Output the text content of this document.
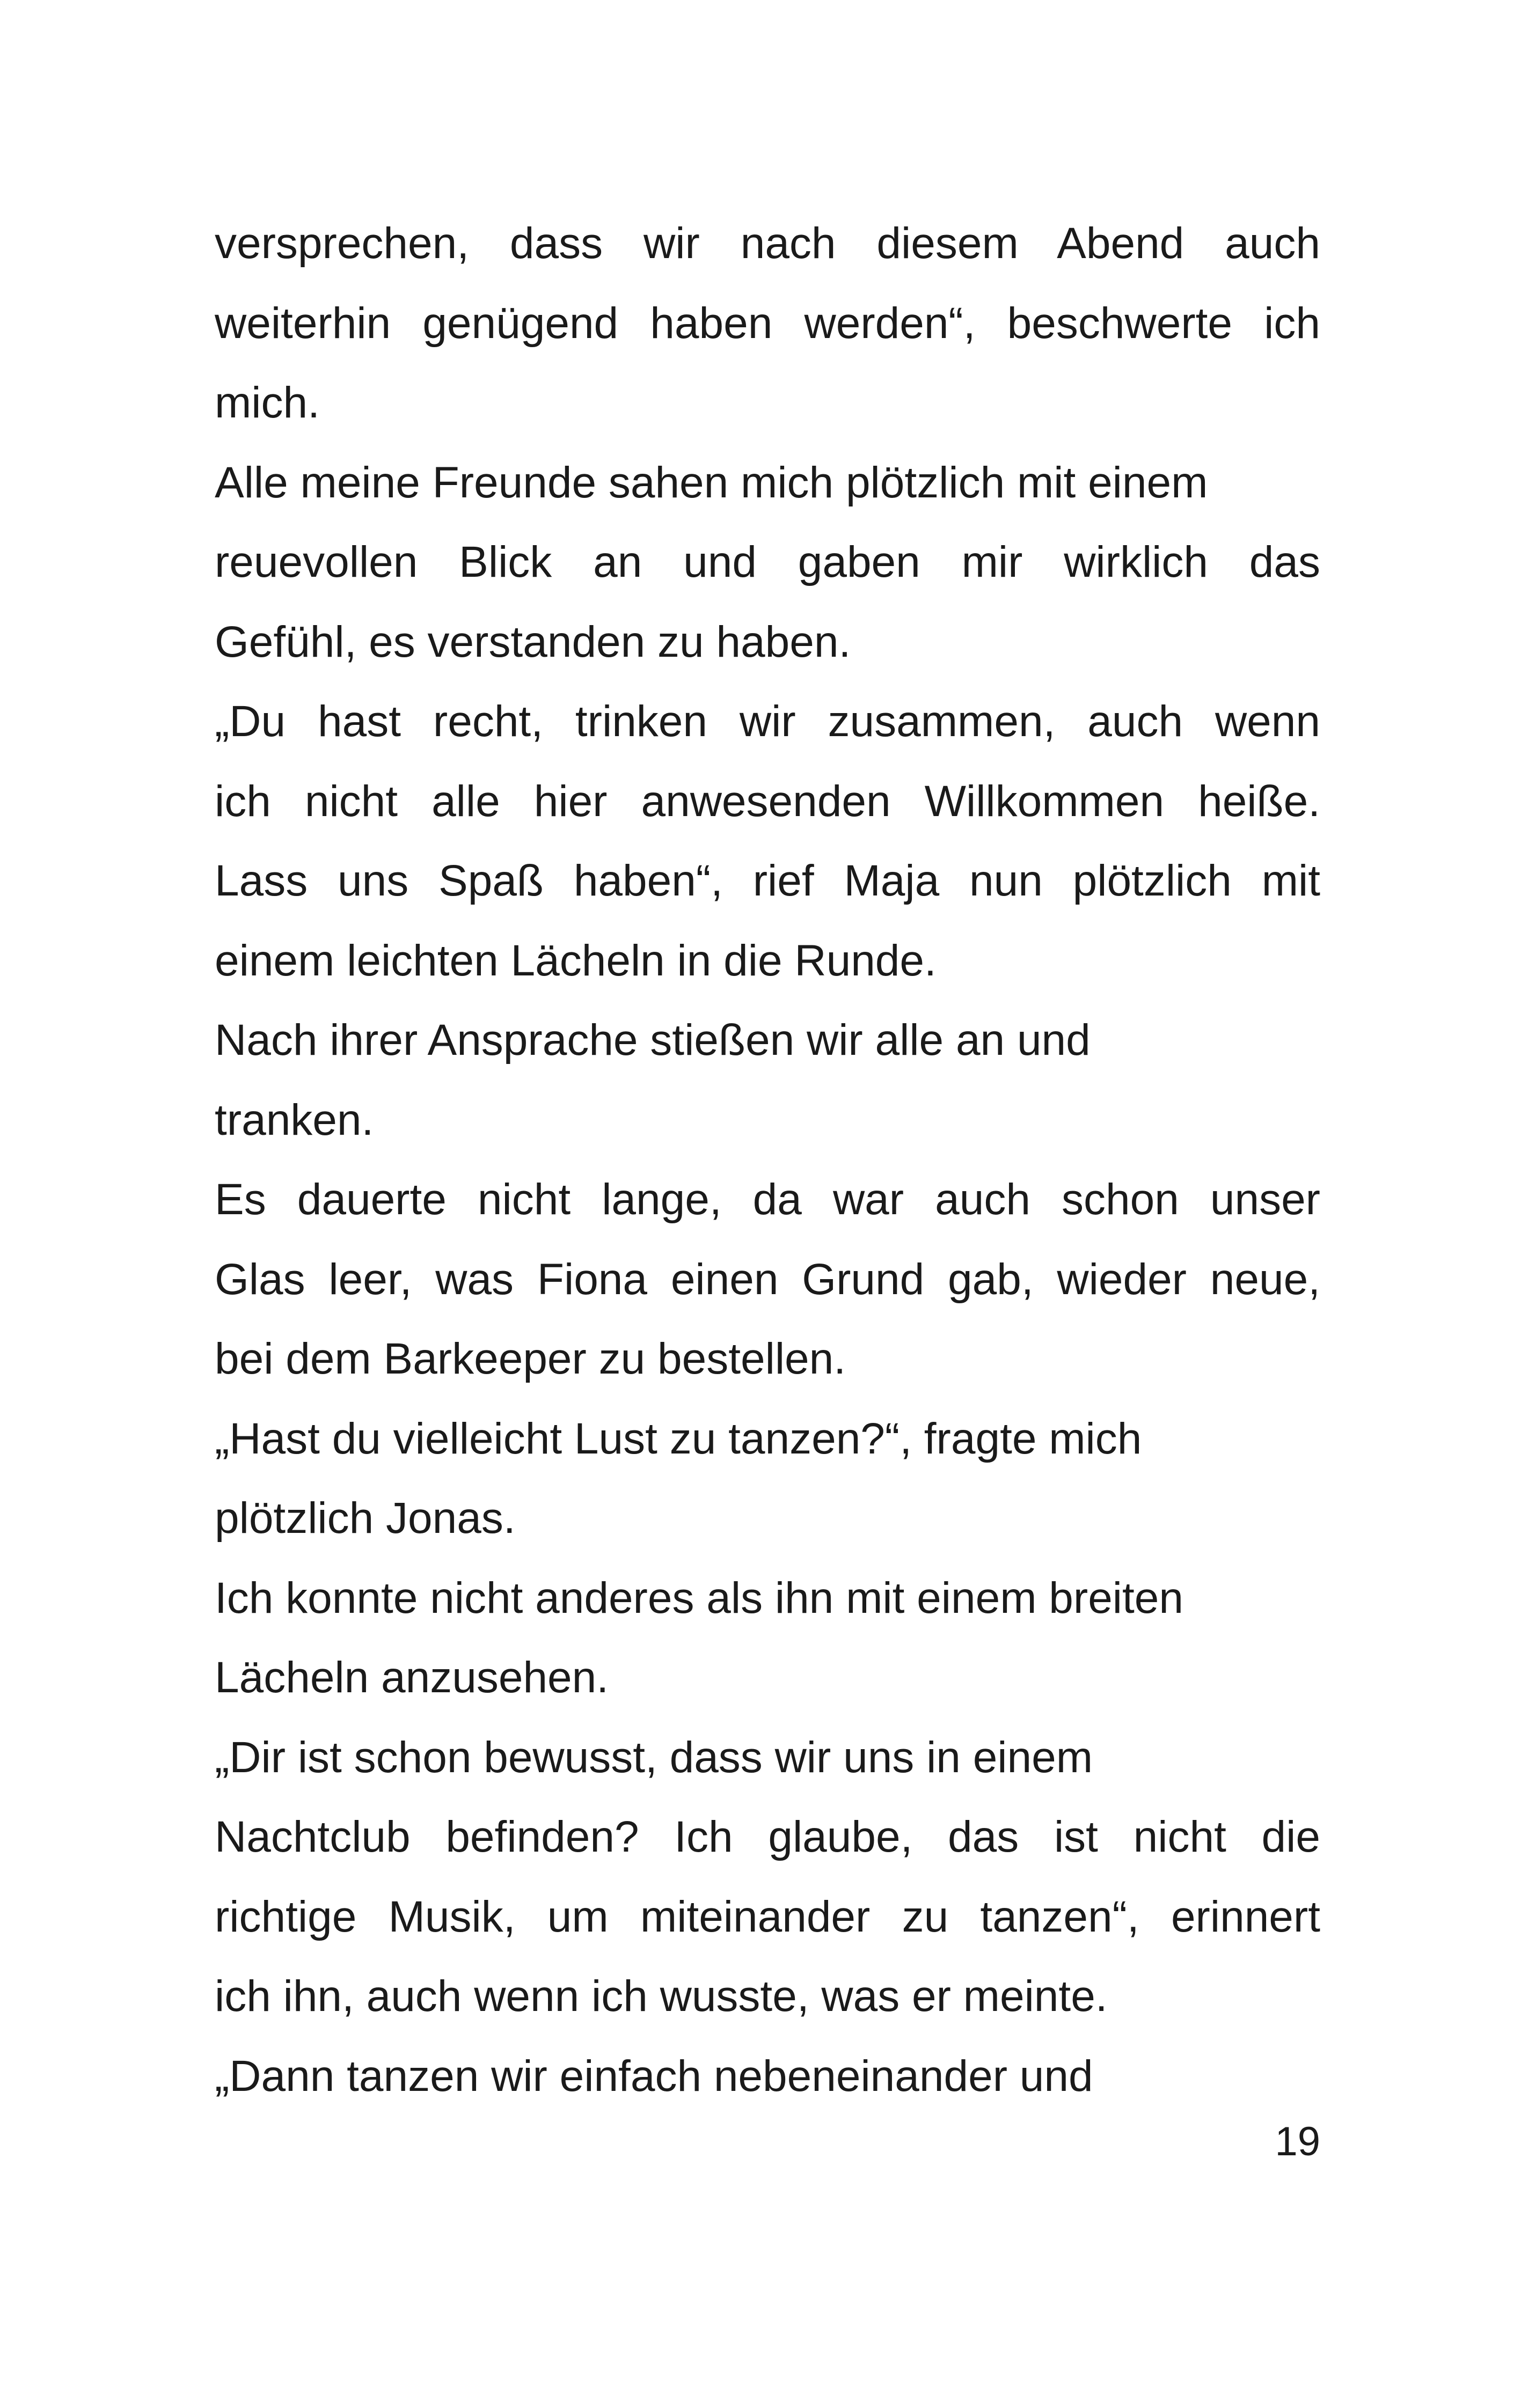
versprechen, dass wir nach diesem Abend auch
weiterhin genügend haben werden“, beschwerte ich
mich.
Alle meine Freunde sahen mich plötzlich mit einem
reuevollen Blick an und gaben mir wirklich das
Gefühl, es verstanden zu haben.
„Du hast recht, trinken wir zusammen, auch wenn
ich nicht alle hier anwesenden Willkommen heiße.
Lass uns Spaß haben“, rief Maja nun plötzlich mit
einem leichten Lächeln in die Runde.
Nach ihrer Ansprache stießen wir alle an und
tranken.
Es dauerte nicht lange, da war auch schon unser
Glas leer, was Fiona einen Grund gab, wieder neue,
bei dem Barkeeper zu bestellen.
„Hast du vielleicht Lust zu tanzen?“, fragte mich
plötzlich Jonas.
Ich konnte nicht anderes als ihn mit einem breiten
Lächeln anzusehen.
„Dir ist schon bewusst, dass wir uns in einem
Nachtclub befinden? Ich glaube, das ist nicht die
richtige Musik, um miteinander zu tanzen“, erinnert
ich ihn, auch wenn ich wusste, was er meinte.
„Dann tanzen wir einfach nebeneinander und
19
